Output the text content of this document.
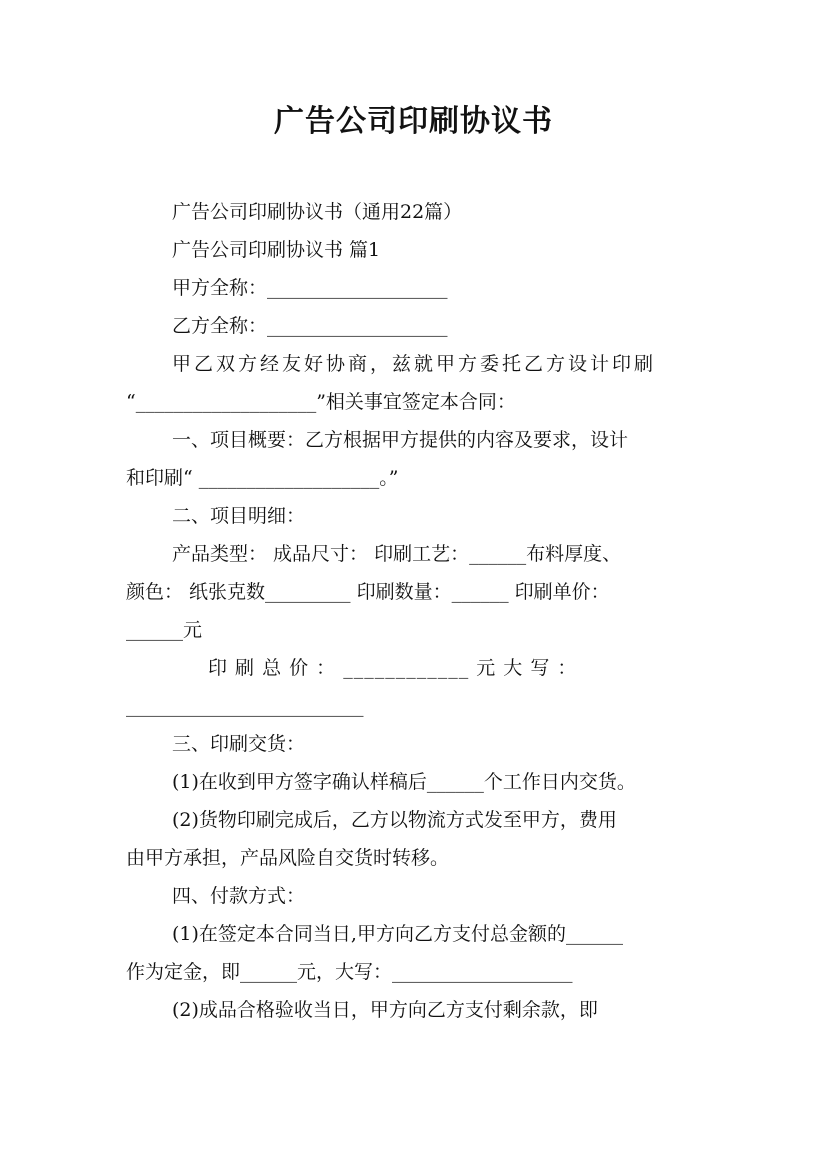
广告公司印刷协议书
广告公司印刷协议书（通用22篇）
广告公司印刷协议书 篇1
甲方全称：___________________
乙方全称：___________________
甲乙双方经友好协商，兹就甲方委托乙方设计印刷
“___________________”相关事宜签定本合同：
一、项目概要：乙方根据甲方提供的内容及要求，设计
和印刷“ ___________________。”
二、项目明细：
产品类型： 成品尺寸： 印刷工艺：______布料厚度、
颜色： 纸张克数_________ 印刷数量：______ 印刷单价：
______元
印 刷 总 价 ： ____________ 元 大 写 ：
_________________________
三、印刷交货：
(1)在收到甲方签字确认样稿后______个工作日内交货。
(2)货物印刷完成后，乙方以物流方式发至甲方，费用
由甲方承担，产品风险自交货时转移。
四、付款方式：
(1)在签定本合同当日,甲方向乙方支付总金额的______
作为定金，即______元，大写：___________________
(2)成品合格验收当日，甲方向乙方支付剩余款，即
